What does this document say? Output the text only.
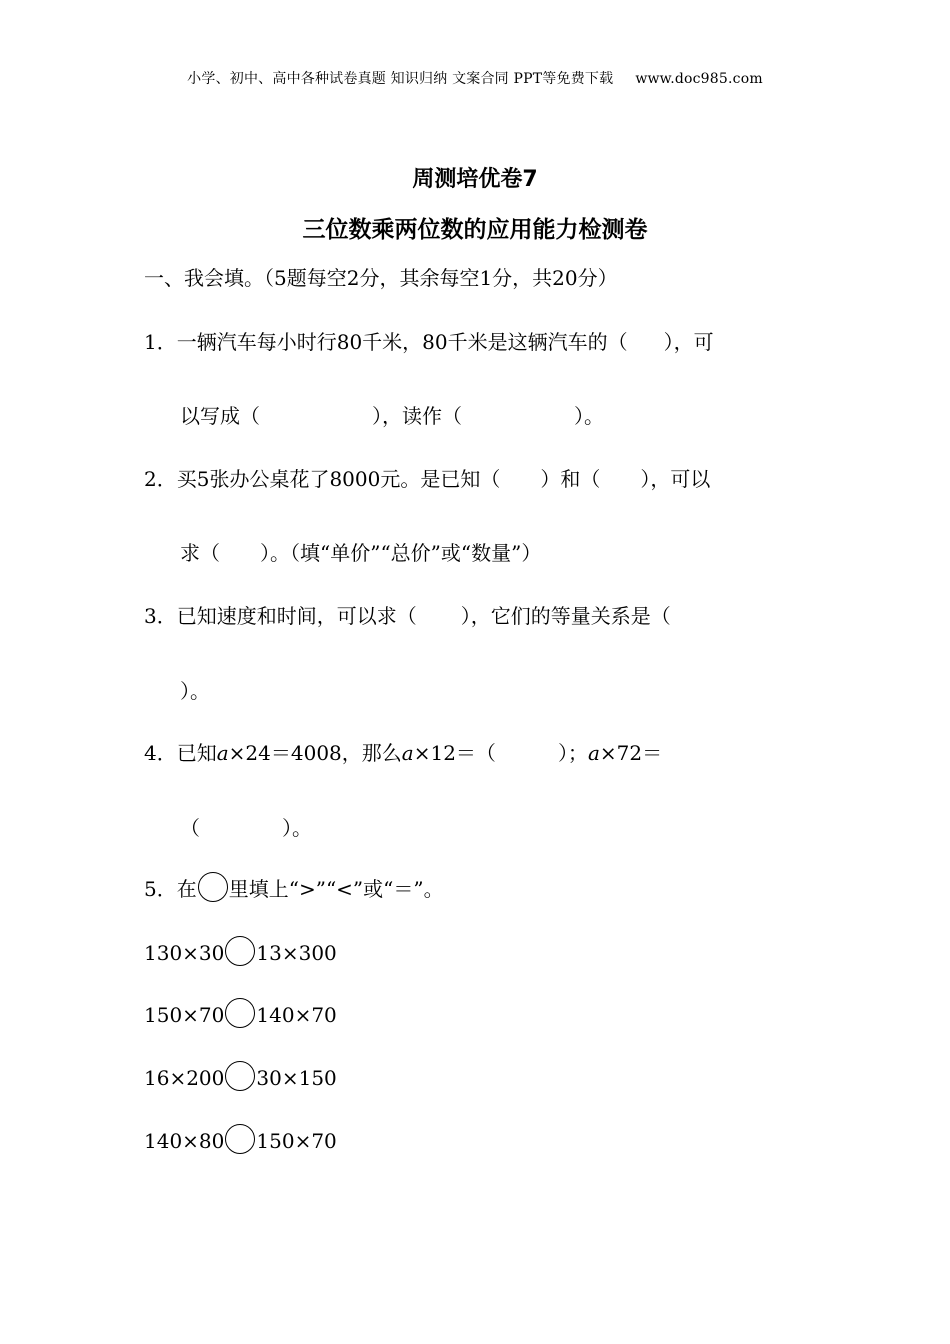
小学、初中、高中各种试卷真题 知识归纳 文案合同 PPT等免费下载 www.doc985.com
周测培优卷7
三位数乘两位数的应用能力检测卷
一、我会填。（5题每空2分，其余每空1分，共20分）
1．一辆汽车每小时行80千米，80千米是这辆汽车的（ ），可
以写成（	），读作（	）。
2．买5张办公桌花了8000元。是已知（ ）和（ ），可以
求（ ）。（填“单价”“总价”或“数量”）
3．已知速度和时间，可以求（ ），它们的等量关系是（
）。
4．已知a×24＝4008，那么a×12＝（	）；a×72＝
（	）。
5．在 里填上“>”“<”或“＝”。
130×30 13×300
150×70 140×70
16×200 30×150
140×80 150×70
